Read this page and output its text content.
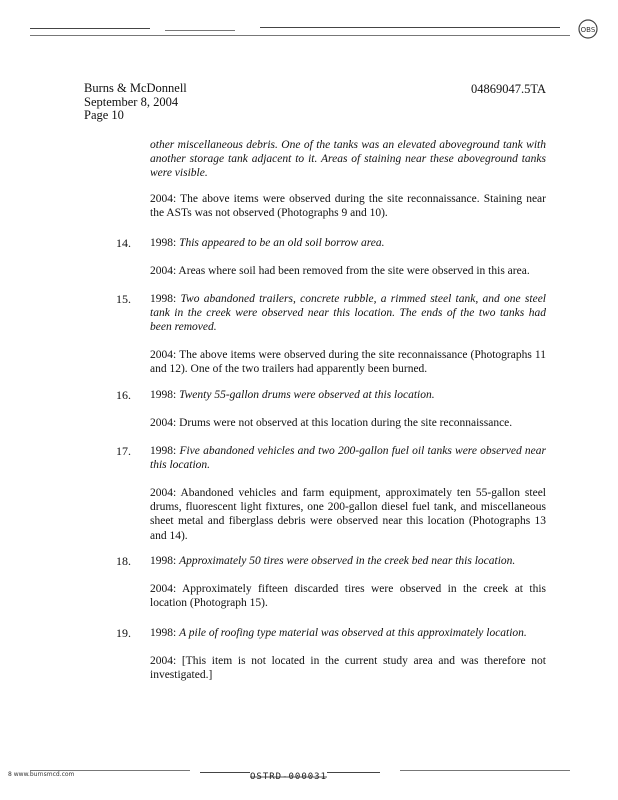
OBS
Burns & McDonnell
September 8, 2004
Page 10
04869047.5TA
other miscellaneous debris. One of the tanks was an elevated aboveground tank with another storage tank adjacent to it. Areas of staining near these aboveground tanks were visible.
2004: The above items were observed during the site reconnaissance. Staining near the ASTs was not observed (Photographs 9 and 10).
14. 1998: This appeared to be an old soil borrow area.
2004: Areas where soil had been removed from the site were observed in this area.
15. 1998: Two abandoned trailers, concrete rubble, a rimmed steel tank, and one steel tank in the creek were observed near this location. The ends of the two tanks had been removed.
2004: The above items were observed during the site reconnaissance (Photographs 11 and 12). One of the two trailers had apparently been burned.
16. 1998: Twenty 55-gallon drums were observed at this location.
2004: Drums were not observed at this location during the site reconnaissance.
17. 1998: Five abandoned vehicles and two 200-gallon fuel oil tanks were observed near this location.
2004: Abandoned vehicles and farm equipment, approximately ten 55-gallon steel drums, fluorescent light fixtures, one 200-gallon diesel fuel tank, and miscellaneous sheet metal and fiberglass debris were observed near this location (Photographs 13 and 14).
18. 1998: Approximately 50 tires were observed in the creek bed near this location.
2004: Approximately fifteen discarded tires were observed in the creek at this location (Photograph 15).
19. 1998: A pile of roofing type material was observed at this approximately location.
2004: [This item is not located in the current study area and was therefore not investigated.]
8 www.burnsmcd.com	OSTRD-000031
